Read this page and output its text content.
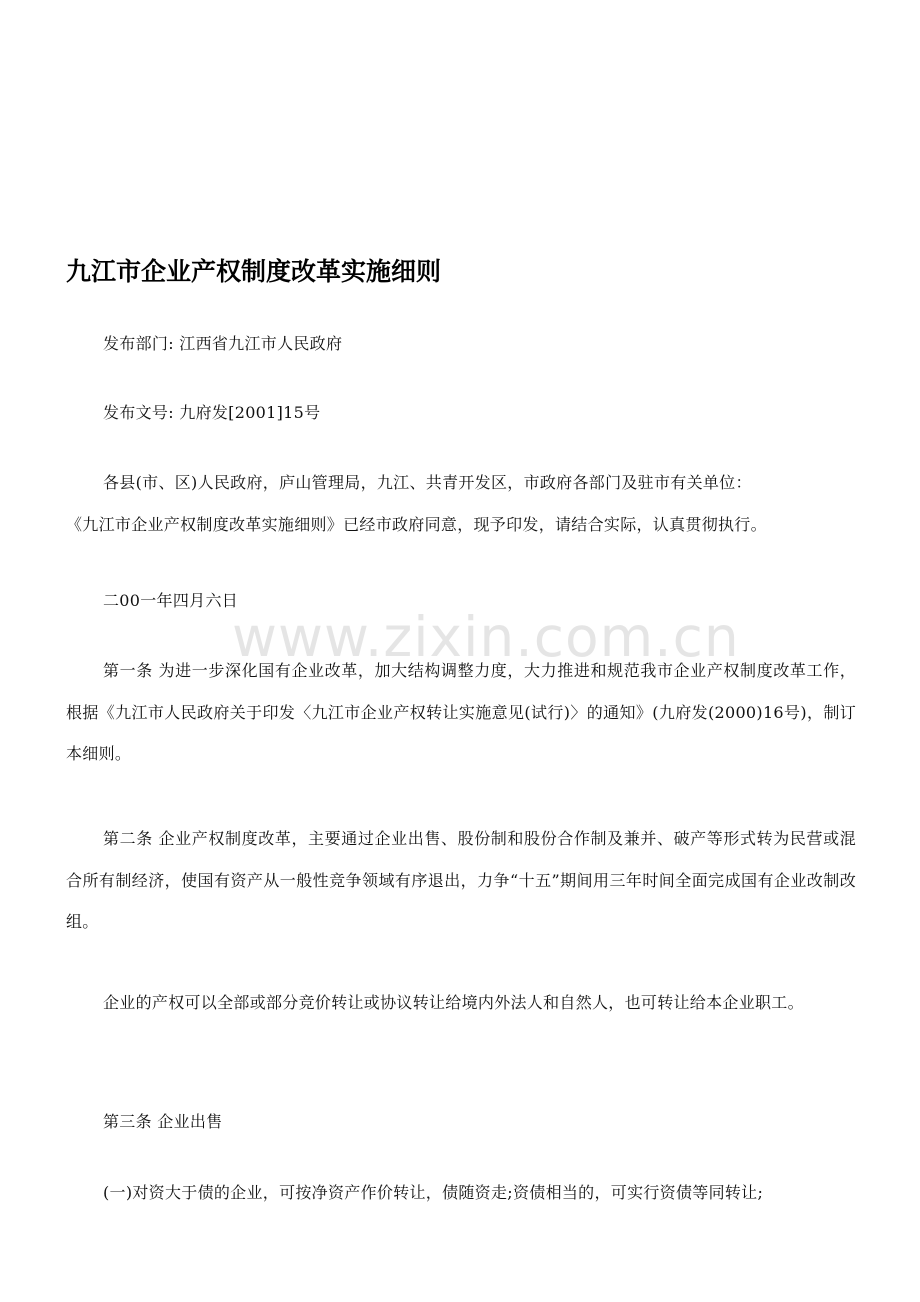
九江市企业产权制度改革实施细则

发布部门: 江西省九江市人民政府

发布文号: 九府发[2001]15号

各县(市、区)人民政府，庐山管理局，九江、共青开发区，市政府各部门及驻市有关单位：

《九江市企业产权制度改革实施细则》已经市政府同意，现予印发，请结合实际，认真贯彻执行。

二00一年四月六日

第一条 为进一步深化国有企业改革，加大结构调整力度，大力推进和规范我市企业产权制度改革工作，根据《九江市人民政府关于印发〈九江市企业产权转让实施意见(试行)〉的通知》(九府发(2000)16号)，制订本细则。

第二条 企业产权制度改革，主要通过企业出售、股份制和股份合作制及兼并、破产等形式转为民营或混合所有制经济，使国有资产从一般性竞争领域有序退出，力争“十五”期间用三年时间全面完成国有企业改制改组。

企业的产权可以全部或部分竞价转让或协议转让给境内外法人和自然人，也可转让给本企业职工。

第三条 企业出售

(一)对资大于债的企业，可按净资产作价转让，债随资走;资债相当的，可实行资债等同转让;

www.zixin.com.cn
